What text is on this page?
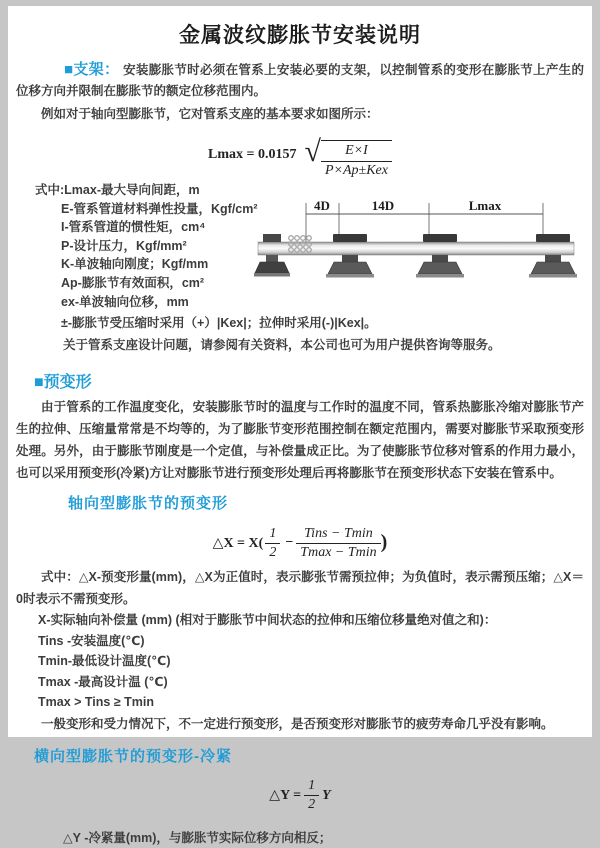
金属波纹膨胀节安装说明

■支架： 安装膨胀节时必须在管系上安装必要的支架，以控制管系的变形在膨胀节上产生的位移方向并限制在膨胀节的额定位移范围内。

例如对于轴向型膨胀节，它对管系支座的基本要求如图所示：

Lmax = 0.0157 √ $\frac{E\times I}{\text{P×Ap±Kex}}$
式中:Lmax-最大导向间距，m
E-管系管道材料弹性投量，Kgf/cm²
I-管系管道的惯性矩，cm⁴
P-设计压力，Kgf/mm²
K-单波轴向刚度；Kgf/mm
Ap-膨胀节有效面积，cm²
ex-单波轴向位移，mm
±-膨胀节受压缩时采用（+）|Kex|；拉伸时采用(-)|Kex|。
关于管系支座设计问题，请参阅有关资料，本公司也可为用户提供咨询等服务。
4D	14D	Lmax
■预变形

由于管系的工作温度变化，安装膨胀节时的温度与工作时的温度不同，管系热膨胀冷缩对膨胀节产生的拉伸、压缩量常常是不均等的，为了膨胀节变形范围控制在额定范围内，需要对膨胀节采取预变形处理。另外，由于膨胀节刚度是一个定值，与补偿量成正比。为了使膨胀节位移对管系的作用力最小，也可以采用预变形(冷紧)方让对膨胀节进行预变形处理后再将膨胀节在预变形状态下安装在管系中。

轴向型膨胀节的预变形
△X = $X( \frac{1}{2} - \frac{\text{Tins − Tmin}}{Tmax - Tmin}$ )

式中：△X-预变形量(mm)，△X为正值时，表示膨张节需预拉伸；为负值时，表示需预压缩；△X＝0时表示不需预变形。

X-实际轴向补偿量 (mm) (相对于膨胀节中间状态的拉伸和压缩位移量绝对值之和)：
Tins -安装温度(℃)
Tmin-最低设计温度(℃)
Tmax -最高设计温 (℃)
Tmax > Tins ≥ Tmin

一般变形和受力情况下，不一定进行预变形，是否预变形对膨胀节的疲劳寿命几乎没有影响。

横向型膨胀节的预变形-冷紧
△Y = $\frac{1}{2}$ Y
△Y -冷紧量(mm)，与膨胀节实际位移方向相反；
